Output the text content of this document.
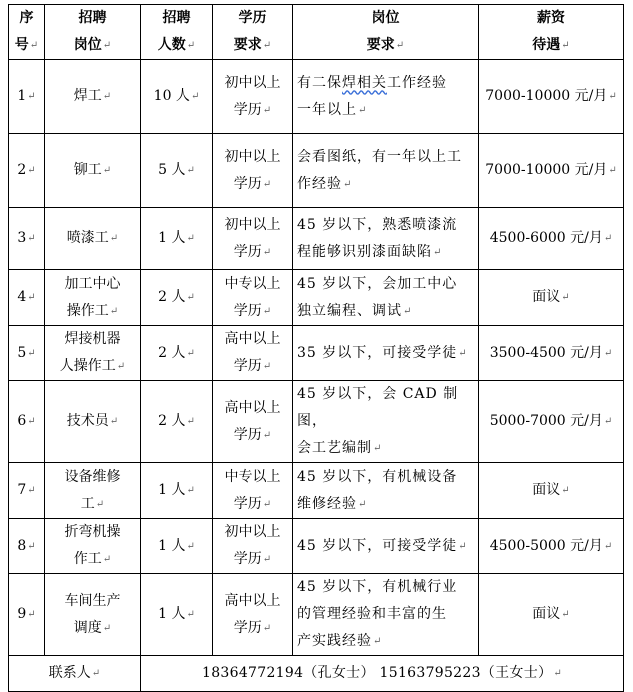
序
号 ↵	招聘
岗位 ↵	招聘
人数 ↵	学历
要求 ↵	岗位
要求 ↵	薪资
待遇 ↵
1 ↵	焊工 ↵	10 人 ↵	初中以上
学历 ↵	有二保焊相关工作经验
一年以上 ↵	7000-10000 元/月 ↵
2 ↵	铆工 ↵	5 人 ↵	初中以上
学历 ↵	会看图纸，有一年以上工
作经验 ↵	7000-10000 元/月 ↵
3 ↵	喷漆工 ↵	1 人 ↵	初中以上
学历 ↵	45 岁以下，熟悉喷漆流
程能够识别漆面缺陷 ↵	4500-6000 元/月 ↵
4 ↵	加工中心
操作工 ↵	2 人 ↵	中专以上
学历 ↵	45 岁以下，会加工中心
独立编程、调试 ↵	面议 ↵
5 ↵	焊接机器
人操作工 ↵	2 人 ↵	高中以上
学历 ↵	35 岁以下，可接受学徒 ↵	3500-4500 元/月 ↵
6 ↵	技术员 ↵	2 人 ↵	高中以上
学历 ↵	45 岁以下，会 CAD 制图，
会工艺编制 ↵	5000-7000 元/月 ↵
7 ↵	设备维修
工 ↵	1 人 ↵	中专以上
学历 ↵	45 岁以下，有机械设备
维修经验 ↵	面议 ↵
8 ↵	折弯机操
作工 ↵	1 人 ↵	初中以上
学历 ↵	45 岁以下，可接受学徒 ↵	4500-5000 元/月 ↵
9 ↵	车间生产
调度 ↵	1 人 ↵	高中以上
学历 ↵	45 岁以下，有机械行业
的管理经验和丰富的生
产实践经验 ↵	面议 ↵
联系人 ↵		18364772194（孔女士） 15163795223（王女士） ↵
